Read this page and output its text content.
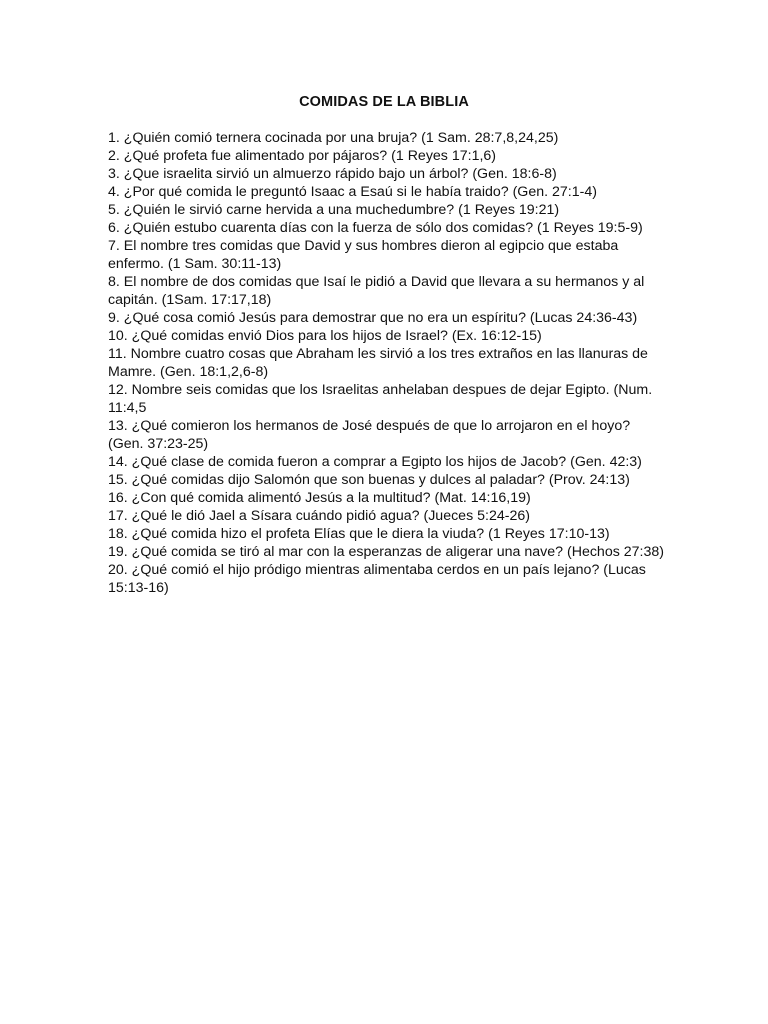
COMIDAS DE LA BIBLIA
1. ¿Quién comió ternera cocinada por una bruja? (1 Sam. 28:7,8,24,25)
2. ¿Qué profeta fue alimentado por pájaros? (1 Reyes 17:1,6)
3. ¿Que israelita sirvió un almuerzo rápido bajo un árbol? (Gen. 18:6-8)
4. ¿Por qué comida le preguntó Isaac a Esaú si le había traido? (Gen. 27:1-4)
5. ¿Quién le sirvió carne hervida a una muchedumbre? (1 Reyes 19:21)
6. ¿Quién estubo cuarenta días con la fuerza de sólo dos comidas? (1 Reyes 19:5-9)
7. El nombre tres comidas que David y sus hombres dieron al egipcio que estaba enfermo. (1 Sam. 30:11-13)
8. El nombre de dos comidas que Isaí le pidió a David que llevara a su hermanos y al capitán. (1Sam. 17:17,18)
9. ¿Qué cosa comió Jesús para demostrar que no era un espíritu? (Lucas 24:36-43)
10. ¿Qué comidas envió Dios para los hijos de Israel? (Ex. 16:12-15)
11. Nombre cuatro cosas que Abraham les sirvió a los tres extraños en las llanuras de Mamre. (Gen. 18:1,2,6-8)
12. Nombre seis comidas que los Israelitas anhelaban despues de dejar Egipto. (Num. 11:4,5
13. ¿Qué comieron los hermanos de José después de que lo arrojaron en el hoyo? (Gen. 37:23-25)
14. ¿Qué clase de comida fueron a comprar a Egipto los hijos de Jacob? (Gen. 42:3)
15. ¿Qué comidas dijo Salomón que son buenas y dulces al paladar? (Prov. 24:13)
16. ¿Con qué comida alimentó Jesús a la multitud? (Mat. 14:16,19)
17. ¿Qué le dió Jael a Sísara cuándo pidió agua? (Jueces 5:24-26)
18. ¿Qué comida hizo el profeta Elías que le diera la viuda? (1 Reyes 17:10-13)
19. ¿Qué comida se tiró al mar con la esperanzas de aligerar una nave? (Hechos 27:38)
20. ¿Qué comió el hijo pródigo mientras alimentaba cerdos en un país lejano? (Lucas 15:13-16)
